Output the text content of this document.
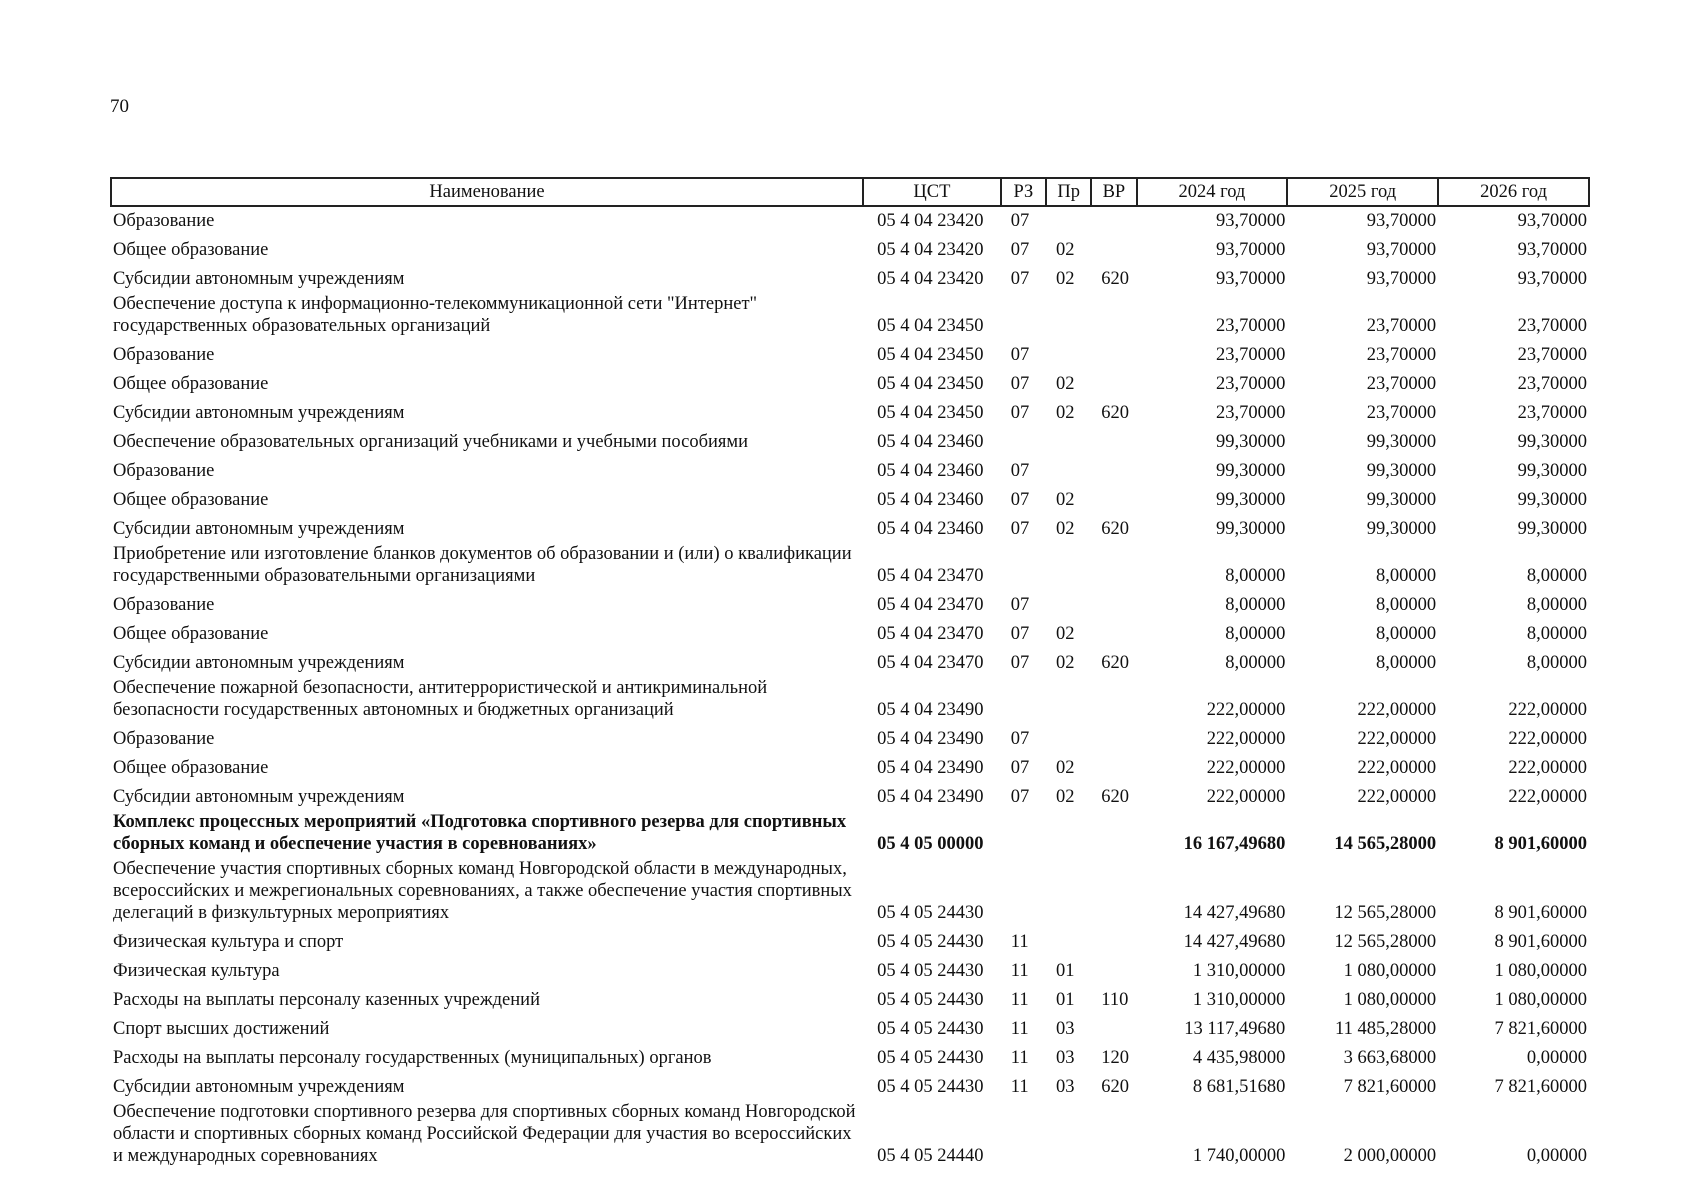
70
Наименование	ЦСТ	РЗ	Пр	ВР	2024 год	2025 год	2026 год
Образование	05 4 04 23420	07			93,70000	93,70000	93,70000
Общее образование	05 4 04 23420	07	02		93,70000	93,70000	93,70000
Субсидии автономным учреждениям	05 4 04 23420	07	02	620	93,70000	93,70000	93,70000
Обеспечение доступа к информационно-телекоммуникационной сети "Интернет" государственных образовательных организаций	05 4 04 23450				23,70000	23,70000	23,70000
Образование	05 4 04 23450	07			23,70000	23,70000	23,70000
Общее образование	05 4 04 23450	07	02		23,70000	23,70000	23,70000
Субсидии автономным учреждениям	05 4 04 23450	07	02	620	23,70000	23,70000	23,70000
Обеспечение образовательных организаций учебниками и учебными пособиями	05 4 04 23460				99,30000	99,30000	99,30000
Образование	05 4 04 23460	07			99,30000	99,30000	99,30000
Общее образование	05 4 04 23460	07	02		99,30000	99,30000	99,30000
Субсидии автономным учреждениям	05 4 04 23460	07	02	620	99,30000	99,30000	99,30000
Приобретение или изготовление бланков документов об образовании и (или) о квалификации государственными образовательными организациями	05 4 04 23470				8,00000	8,00000	8,00000
Образование	05 4 04 23470	07			8,00000	8,00000	8,00000
Общее образование	05 4 04 23470	07	02		8,00000	8,00000	8,00000
Субсидии автономным учреждениям	05 4 04 23470	07	02	620	8,00000	8,00000	8,00000
Обеспечение пожарной безопасности, антитеррористической и антикриминальной безопасности государственных автономных и бюджетных организаций	05 4 04 23490				222,00000	222,00000	222,00000
Образование	05 4 04 23490	07			222,00000	222,00000	222,00000
Общее образование	05 4 04 23490	07	02		222,00000	222,00000	222,00000
Субсидии автономным учреждениям	05 4 04 23490	07	02	620	222,00000	222,00000	222,00000
Комплекс процессных мероприятий «Подготовка спортивного резерва для спортивных сборных команд и обеспечение участия в соревнованиях»	05 4 05 00000				16 167,49680	14 565,28000	8 901,60000
Обеспечение участия спортивных сборных команд Новгородской области в международных, всероссийских и межрегиональных соревнованиях, а также обеспечение участия спортивных делегаций в физкультурных мероприятиях	05 4 05 24430				14 427,49680	12 565,28000	8 901,60000
Физическая культура и спорт	05 4 05 24430	11			14 427,49680	12 565,28000	8 901,60000
Физическая культура	05 4 05 24430	11	01		1 310,00000	1 080,00000	1 080,00000
Расходы на выплаты персоналу казенных учреждений	05 4 05 24430	11	01	110	1 310,00000	1 080,00000	1 080,00000
Спорт высших достижений	05 4 05 24430	11	03		13 117,49680	11 485,28000	7 821,60000
Расходы на выплаты персоналу государственных (муниципальных) органов	05 4 05 24430	11	03	120	4 435,98000	3 663,68000	0,00000
Субсидии автономным учреждениям	05 4 05 24430	11	03	620	8 681,51680	7 821,60000	7 821,60000
Обеспечение подготовки спортивного резерва для спортивных сборных команд Новгородской области и спортивных сборных команд Российской Федерации для участия во всероссийских и международных соревнованиях	05 4 05 24440				1 740,00000	2 000,00000	0,00000
